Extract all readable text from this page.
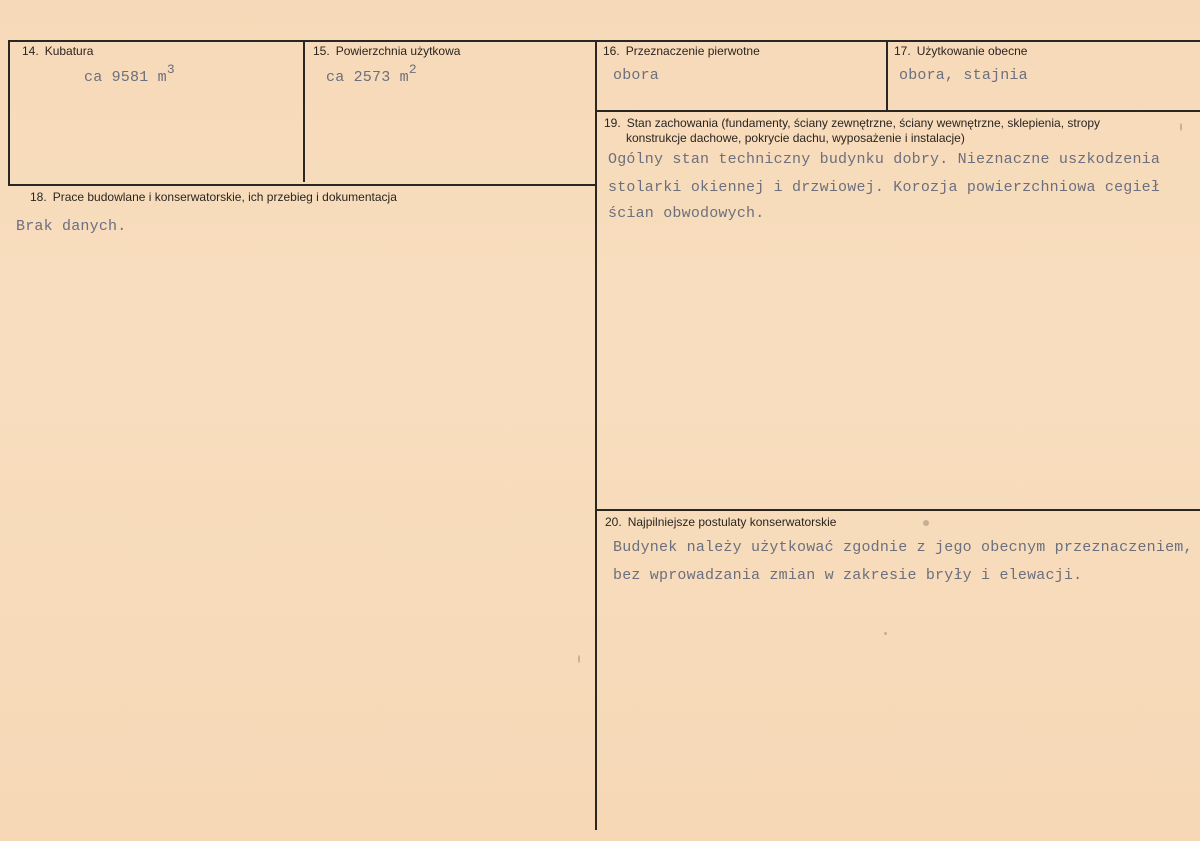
14. Kubatura
ca 9581 m3
15. Powierzchnia użytkowa
ca 2573 m2
16. Przeznaczenie pierwotne
obora
17. Użytkowanie obecne
obora, stajnia
18. Prace budowlane i konserwatorskie, ich przebieg i dokumentacja
Brak danych.
19. Stan zachowania (fundamenty, ściany zewnętrzne, ściany wewnętrzne, sklepienia, stropy
konstrukcje dachowe, pokrycie dachu, wyposażenie i instalacje)
Ogólny stan techniczny budynku dobry. Nieznaczne uszkodzenia
stolarki okiennej i drzwiowej. Korozja powierzchniowa cegieł
ścian obwodowych.
20. Najpilniejsze postulaty konserwatorskie
Budynek należy użytkować zgodnie z jego obecnym przeznaczeniem,
bez wprowadzania zmian w zakresie bryły i elewacji.
